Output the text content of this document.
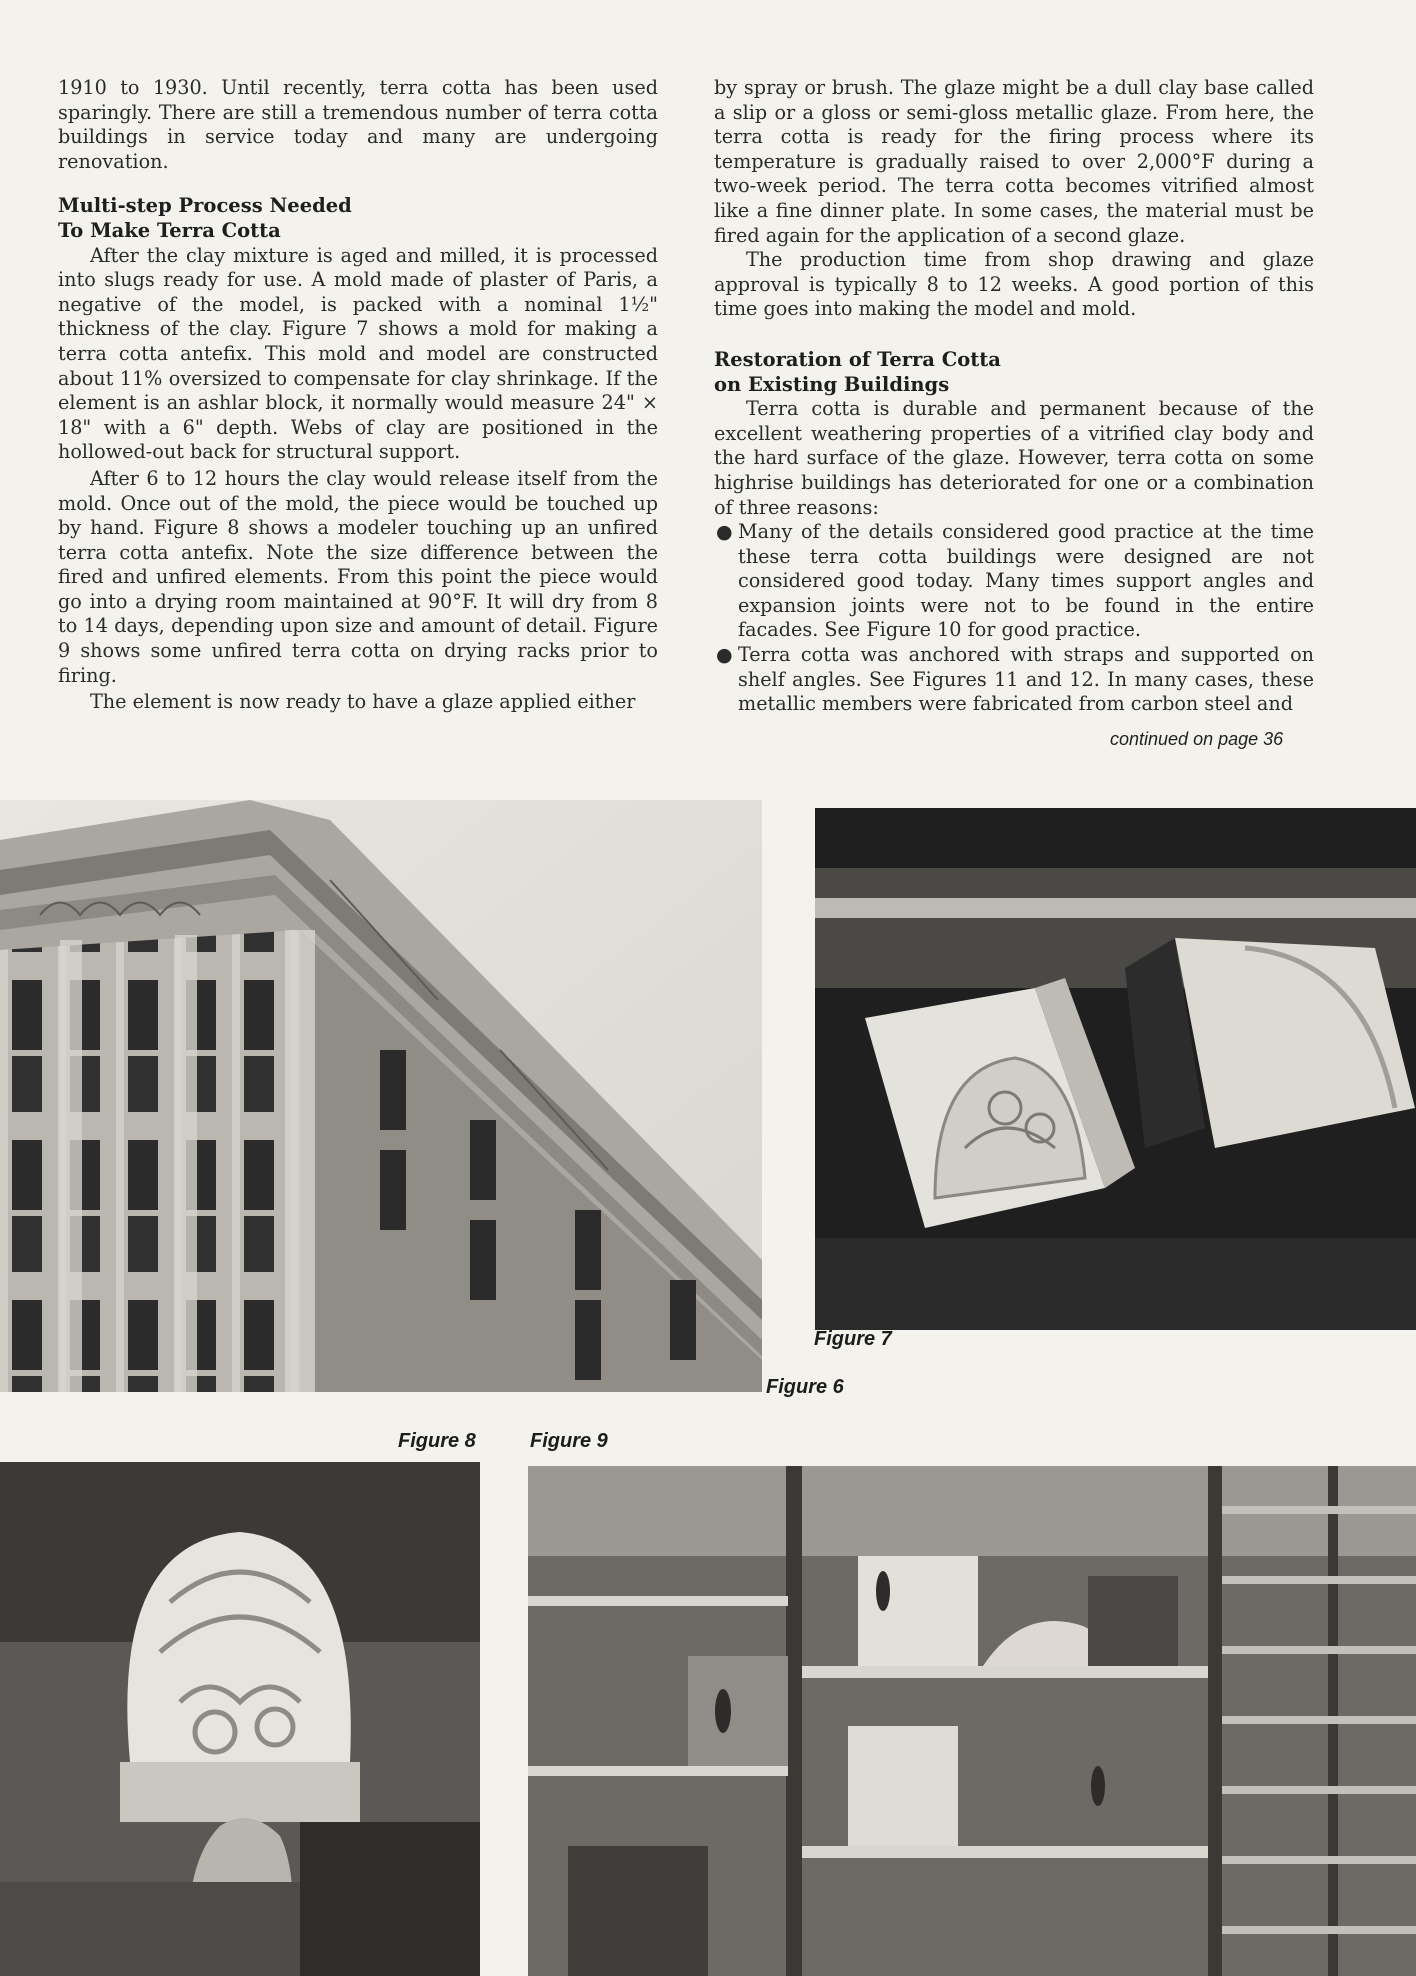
1910 to 1930. Until recently, terra cotta has been used sparingly. There are still a tremendous number of terra cotta buildings in service today and many are undergoing renovation.

Multi-step Process Needed
To Make Terra Cotta

After the clay mixture is aged and milled, it is processed into slugs ready for use. A mold made of plaster of Paris, a negative of the model, is packed with a nominal 1½" thickness of the clay. Figure 7 shows a mold for making a terra cotta antefix. This mold and model are constructed about 11% oversized to compensate for clay shrinkage. If the element is an ashlar block, it normally would measure 24" × 18" with a 6" depth. Webs of clay are positioned in the hollowed-out back for structural support.

After 6 to 12 hours the clay would release itself from the mold. Once out of the mold, the piece would be touched up by hand. Figure 8 shows a modeler touching up an unfired terra cotta antefix. Note the size difference between the fired and unfired elements. From this point the piece would go into a drying room maintained at 90°F. It will dry from 8 to 14 days, depending upon size and amount of detail. Figure 9 shows some unfired terra cotta on drying racks prior to firing.

The element is now ready to have a glaze applied either

by spray or brush. The glaze might be a dull clay base called a slip or a gloss or semi-gloss metallic glaze. From here, the terra cotta is ready for the firing process where its temperature is gradually raised to over 2,000°F during a two-week period. The terra cotta becomes vitrified almost like a fine dinner plate. In some cases, the material must be fired again for the application of a second glaze.

The production time from shop drawing and glaze approval is typically 8 to 12 weeks. A good portion of this time goes into making the model and mold.

Restoration of Terra Cotta
on Existing Buildings

Terra cotta is durable and permanent because of the excellent weathering properties of a vitrified clay body and the hard surface of the glaze. However, terra cotta on some highrise buildings has deteriorated for one or a combination of three reasons:

● Many of the details considered good practice at the time these terra cotta buildings were designed are not considered good today. Many times support angles and expansion joints were not to be found in the entire facades. See Figure 10 for good practice.
● Terra cotta was anchored with straps and supported on shelf angles. See Figures 11 and 12. In many cases, these metallic members were fabricated from carbon steel and
continued on page 36
Figure 7
Figure 6
Figure 8	Figure 9
